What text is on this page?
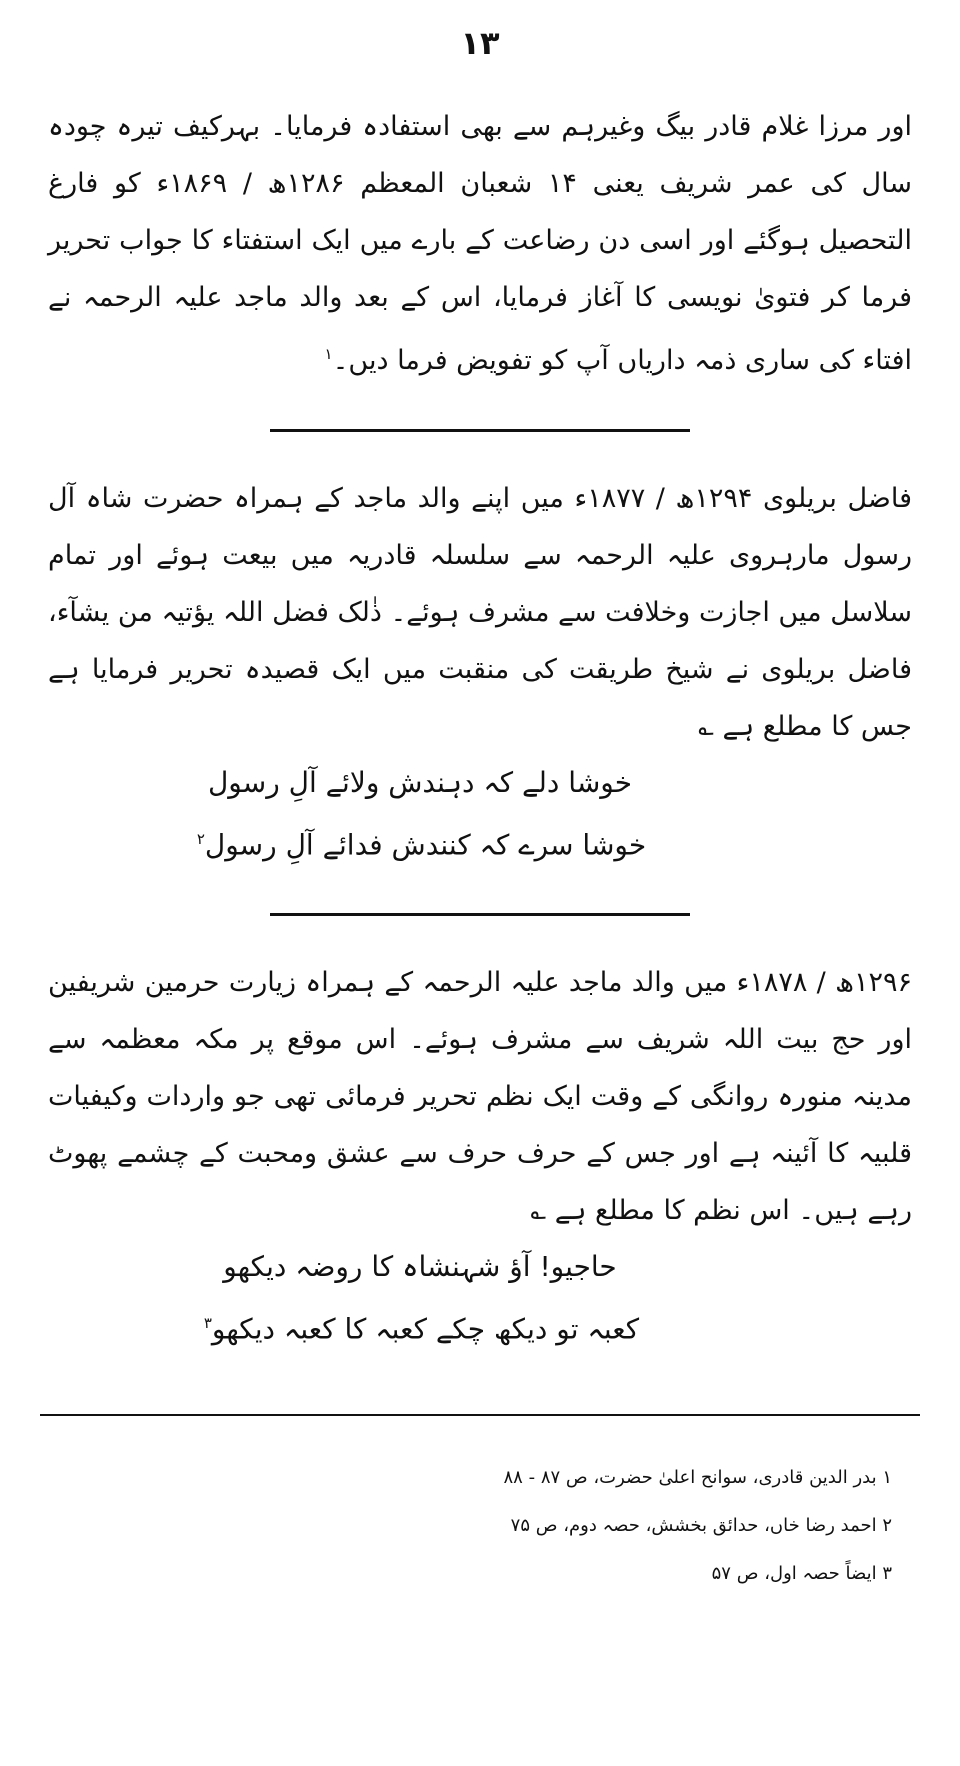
۱۳

اور مرزا غلام قادر بیگ وغیرہم سے بھی استفادہ فرمایا۔ بہرکیف تیرہ چودہ سال کی عمر شریف یعنی ۱۴ شعبان المعظم ۱۲۸۶ھ / ۱۸۶۹ء کو فارغ التحصیل ہوگئے اور اسی دن رضاعت کے بارے میں ایک استفتاء کا جواب تحریر فرما کر فتویٰ نویسی کا آغاز فرمایا، اس کے بعد والد ماجد علیہ الرحمہ نے افتاء کی ساری ذمہ داریاں آپ کو تفویض فرما دیں۔$^۱$

فاضل بریلوی ۱۲۹۴ھ / ۱۸۷۷ء میں اپنے والد ماجد کے ہمراہ حضرت شاہ آل رسول مارہروی علیہ الرحمہ سے سلسلہ قادریہ میں بیعت ہوئے اور تمام سلاسل میں اجازت وخلافت سے مشرف ہوئے۔ ذٰلک فضل اللہ یؤتیہ من یشآء، فاضل بریلوی نے شیخ طریقت کی منقبت میں ایک قصیدہ تحریر فرمایا ہے جس کا مطلع ہے ؎

خوشا دلے کہ دہندش ولائے آلِ رسول
خوشا سرے کہ کنندش فدائے آلِ رسول$^۲$

۱۲۹۶ھ / ۱۸۷۸ء میں والد ماجد علیہ الرحمہ کے ہمراہ زیارت حرمین شریفین اور حج بیت اللہ شریف سے مشرف ہوئے۔ اس موقع پر مکہ معظمہ سے مدینہ منورہ روانگی کے وقت ایک نظم تحریر فرمائی تھی جو واردات وکیفیات قلبیہ کا آئینہ ہے اور جس کے حرف حرف سے عشق ومحبت کے چشمے پھوٹ رہے ہیں۔ اس نظم کا مطلع ہے ؎

حاجیو! آؤ شہنشاہ کا روضہ دیکھو
کعبہ تو دیکھ چکے کعبہ کا کعبہ دیکھو$^۳$
۱ بدر الدین قادری، سوانح اعلیٰ حضرت، ص ۸۷ - ۸۸
۲ احمد رضا خاں، حدائق بخشش، حصہ دوم، ص ۷۵
۳ ایضاً حصہ اول، ص ۵۷
